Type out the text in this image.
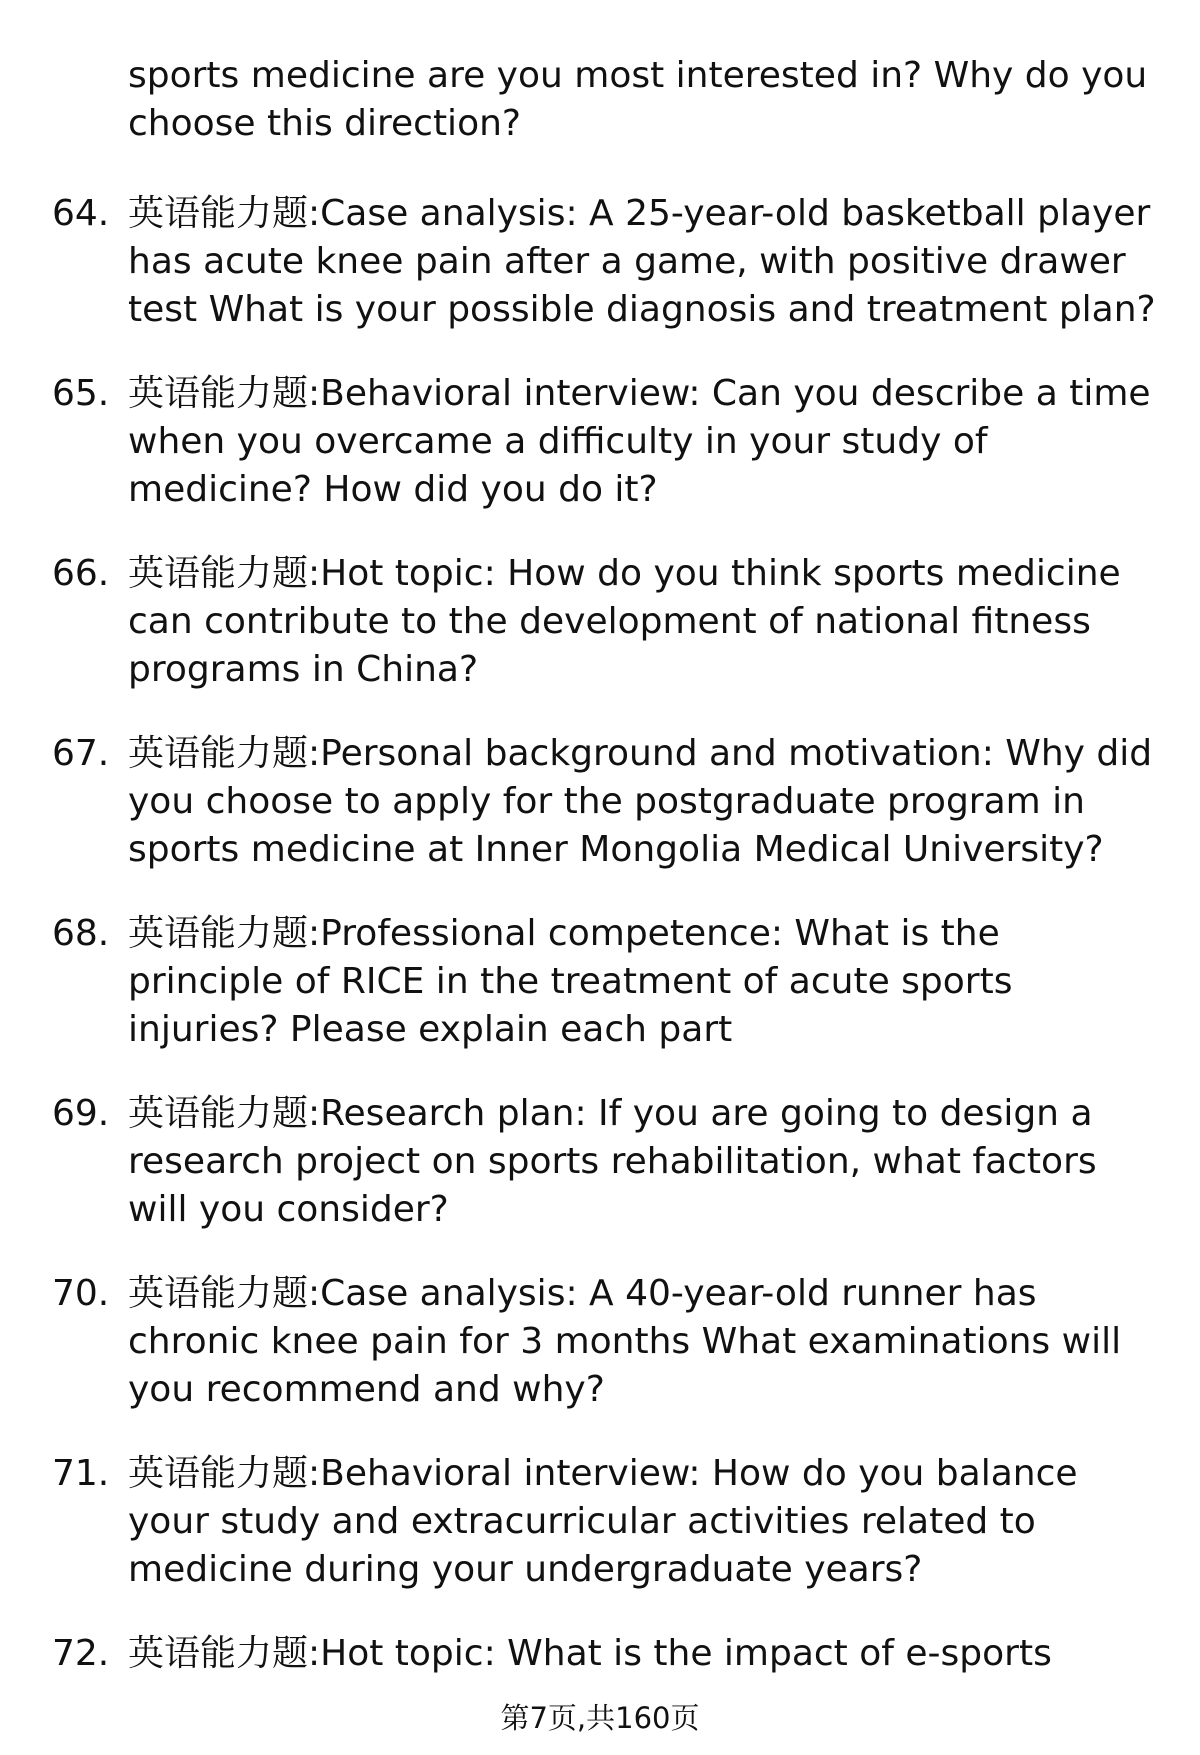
sports medicine are you most interested in? Why do you
choose this direction?
64. 英语能力题:Case analysis: A 25-year-old basketball player has acute knee pain after a game, with positive drawer test What is your possible diagnosis and treatment plan?
65. 英语能力题:Behavioral interview: Can you describe a time when you overcame a difficulty in your study of medicine? How did you do it?
66. 英语能力题:Hot topic: How do you think sports medicine can contribute to the development of national fitness programs in China?
67. 英语能力题:Personal background and motivation: Why did you choose to apply for the postgraduate program in sports medicine at Inner Mongolia Medical University?
68. 英语能力题:Professional competence: What is the principle of RICE in the treatment of acute sports injuries? Please explain each part
69. 英语能力题:Research plan: If you are going to design a research project on sports rehabilitation, what factors will you consider?
70. 英语能力题:Case analysis: A 40-year-old runner has chronic knee pain for 3 months What examinations will you recommend and why?
71. 英语能力题:Behavioral interview: How do you balance your study and extracurricular activities related to medicine during your undergraduate years?
72. 英语能力题:Hot topic: What is the impact of e-sports
第7页,共160页
